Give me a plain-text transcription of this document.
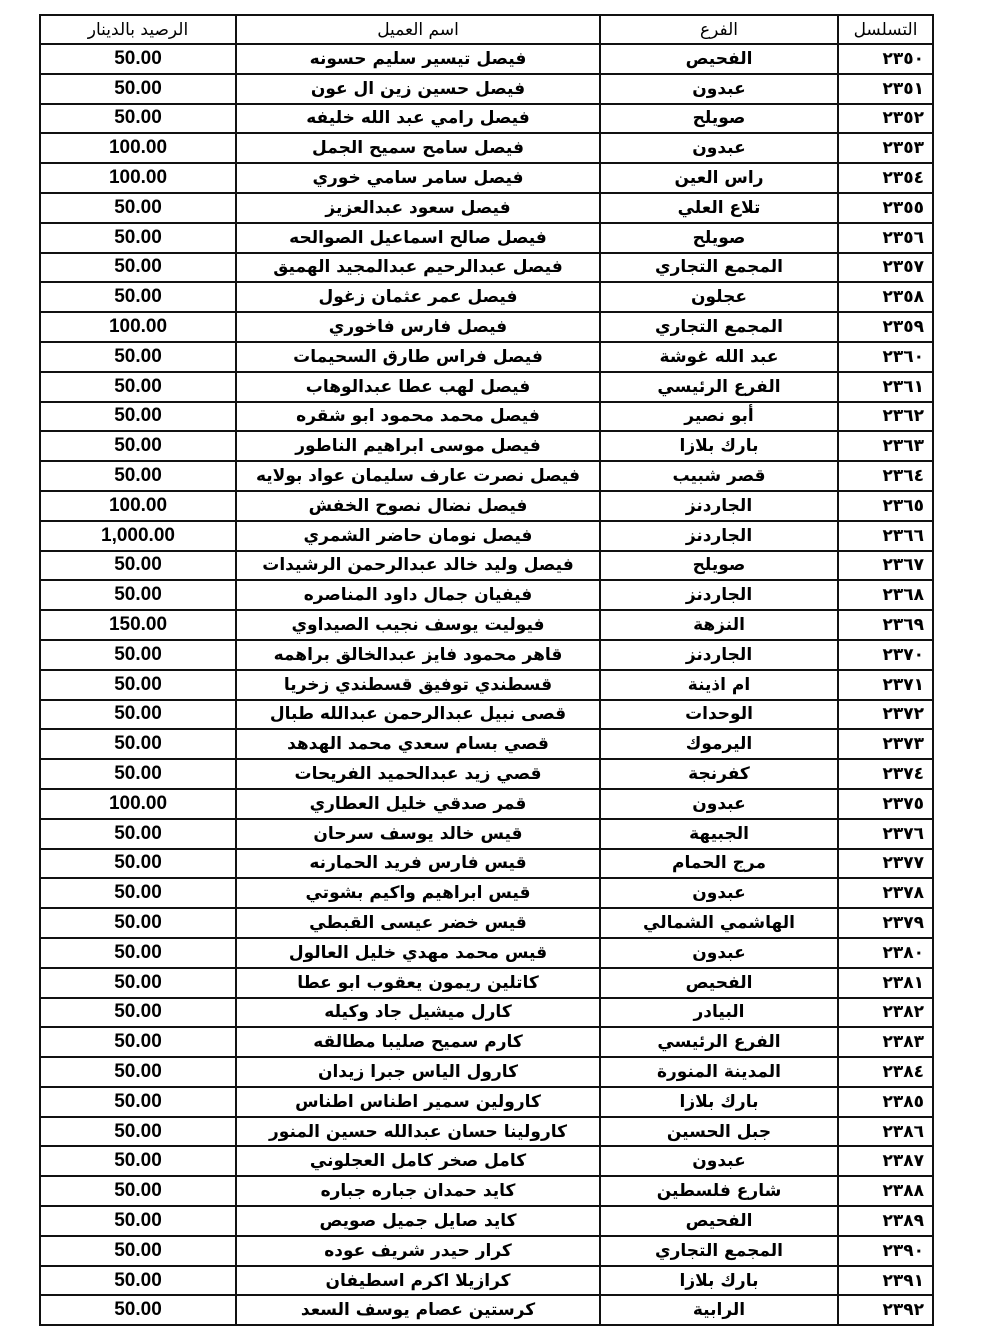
التسلسل	الفرع	اسم العميل	الرصيد بالدينار
٢٣٥٠	الفحيص	فيصل تيسير سليم حسونه	50.00
٢٣٥١	عبدون	فيصل حسين زين ال عون	50.00
٢٣٥٢	صويلح	فيصل رامي عبد الله خليفه	50.00
٢٣٥٣	عبدون	فيصل سامح سميح الجمل	100.00
٢٣٥٤	راس العين	فيصل سامر سامي خوري	100.00
٢٣٥٥	تلاع العلي	فيصل سعود عبدالعزيز	50.00
٢٣٥٦	صويلح	فيصل صالح اسماعيل الصوالحه	50.00
٢٣٥٧	المجمع التجاري	فيصل عبدالرحيم عبدالمجيد الهميق	50.00
٢٣٥٨	عجلون	فيصل عمر عثمان زغول	50.00
٢٣٥٩	المجمع التجاري	فيصل فارس فاخوري	100.00
٢٣٦٠	عبد الله غوشة	فيصل فراس طارق السحيمات	50.00
٢٣٦١	الفرع الرئيسي	فيصل لهب عطا عبدالوهاب	50.00
٢٣٦٢	أبو نصير	فيصل محمد محمود ابو شقره	50.00
٢٣٦٣	بارك بلازا	فيصل موسى ابراهيم الناطور	50.00
٢٣٦٤	قصر شبيب	فيصل نصرت عارف سليمان عواد بولايه	50.00
٢٣٦٥	الجاردنز	فيصل نضال نصوح الخفش	100.00
٢٣٦٦	الجاردنز	فيصل نومان حاضر الشمري	1,000.00
٢٣٦٧	صويلح	فيصل وليد خالد عبدالرحمن الرشيدات	50.00
٢٣٦٨	الجاردنز	فيفيان جمال داود المناصره	50.00
٢٣٦٩	النزهة	فيوليت يوسف نجيب الصيداوي	150.00
٢٣٧٠	الجاردنز	قاهر محمود فايز عبدالخالق براهمه	50.00
٢٣٧١	ام اذينة	قسطندي توفيق قسطندي زخريا	50.00
٢٣٧٢	الوحدات	قصى نبيل عبدالرحمن عبدالله طبال	50.00
٢٣٧٣	اليرموك	قصي بسام سعدي محمد الهدهد	50.00
٢٣٧٤	كفرنجة	قصي زيد عبدالحميد الفريحات	50.00
٢٣٧٥	عبدون	قمر صدقي خليل العطاري	100.00
٢٣٧٦	الجبيهة	قيس خالد يوسف سرحان	50.00
٢٣٧٧	مرج الحمام	قيس فارس فريد الحمارنه	50.00
٢٣٧٨	عبدون	قيس ابراهيم واكيم بشوتي	50.00
٢٣٧٩	الهاشمي الشمالي	قيس خضر عيسى القبطي	50.00
٢٣٨٠	عبدون	قيس محمد مهدي خليل العالول	50.00
٢٣٨١	الفحيص	كاتلين ريمون يعقوب ابو عطا	50.00
٢٣٨٢	البيادر	كارل ميشيل جاد وكيله	50.00
٢٣٨٣	الفرع الرئيسي	كارم سميح صليبا مطالقه	50.00
٢٣٨٤	المدينة المنورة	كارول الياس جبرا زيدان	50.00
٢٣٨٥	بارك بلازا	كارولين سمير اطناس اطناس	50.00
٢٣٨٦	جبل الحسين	كارولينا حسان عبدالله حسين المنور	50.00
٢٣٨٧	عبدون	كامل صخر كامل العجلوني	50.00
٢٣٨٨	شارع فلسطين	كايد حمدان جباره جباره	50.00
٢٣٨٩	الفحيص	كايد صايل جميل صويص	50.00
٢٣٩٠	المجمع التجاري	كرار حيدر شريف عوده	50.00
٢٣٩١	بارك بلازا	كرازيلا اكرم اسطيفان	50.00
٢٣٩٢	الرابية	كرستين عصام يوسف السعد	50.00
